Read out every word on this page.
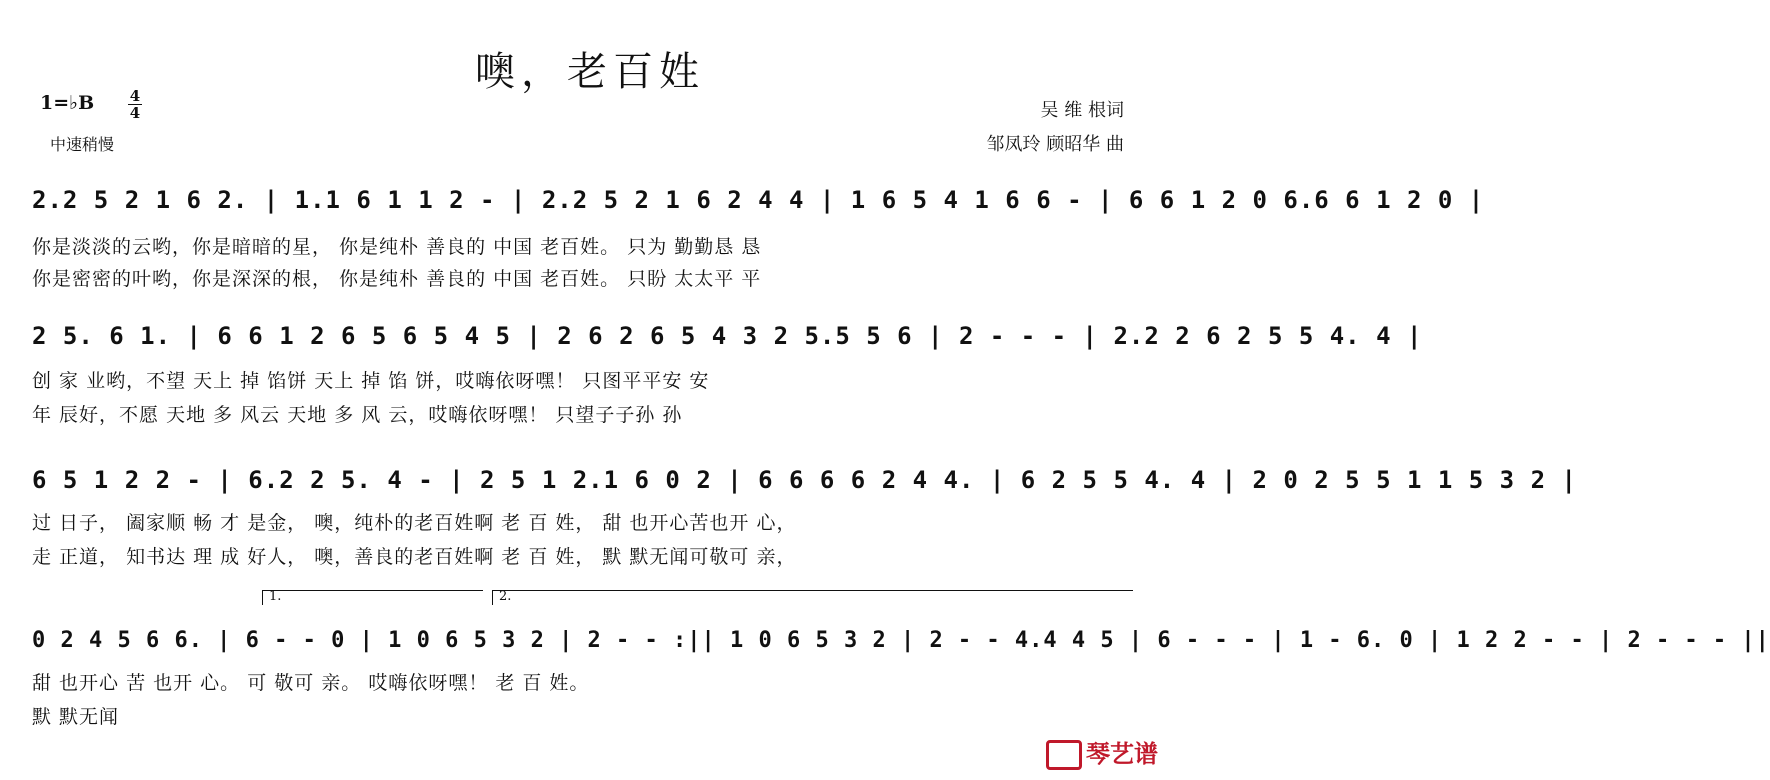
噢，老百姓
1=♭B 4
4
中速稍慢
吴 维 根词
邹凤玲 顾昭华 曲
2.2 5 2 1 6 2. | 1.1 6 1 1 2 - | 2.2 5 2 1 6 2 4 4 | 1 6 5 4 1 6 6 - | 6 6 1 2 0 6.6 6 1 2 0 |
你是淡淡的云哟，你是暗暗的星， 你是纯朴 善良的 中国 老百姓。 只为 勤勤恳 恳
你是密密的叶哟，你是深深的根， 你是纯朴 善良的 中国 老百姓。 只盼 太太平 平
2 5. 6 1. | 6 6 1 2 6 5 6 5 4 5 | 2 6 2 6 5 4 3 2 5.5 5 6 | 2 - - - | 2.2 2 6 2 5 5 4. 4 |
创 家 业哟，不望 天上 掉 馅饼 天上 掉 馅 饼，哎嗨依呀嘿！ 只图平平安 安
年 辰好，不愿 天地 多 风云 天地 多 风 云，哎嗨依呀嘿！ 只望子子孙 孙
6 5 1 2 2 - | 6.2 2 5. 4 - | 2 5 1 2.1 6 0 2 | 6 6 6 6 2 4 4. | 6 2 5 5 4. 4 | 2 0 2 5 5 1 1 5 3 2 |
过 日子， 阖家顺 畅 才 是金， 噢，纯朴的老百姓啊 老 百 姓， 甜 也开心苦也开 心，
走 正道， 知书达 理 成 好人， 噢，善良的老百姓啊 老 百 姓， 默 默无闻可敬可 亲，
1.	2.
0 2 4 5 6 6. | 6 - - 0 | 1 0 6 5 3 2 | 2 - - :|| 1 0 6 5 3 2 | 2 - - 4.4 4 5 | 6 - - - | 1 - 6. 0 | 1 2 2 - - | 2 - - - ||
甜 也开心 苦 也开 心。 可 敬可 亲。 哎嗨依呀嘿！ 老 百 姓。
默 默无闻
琴艺谱
